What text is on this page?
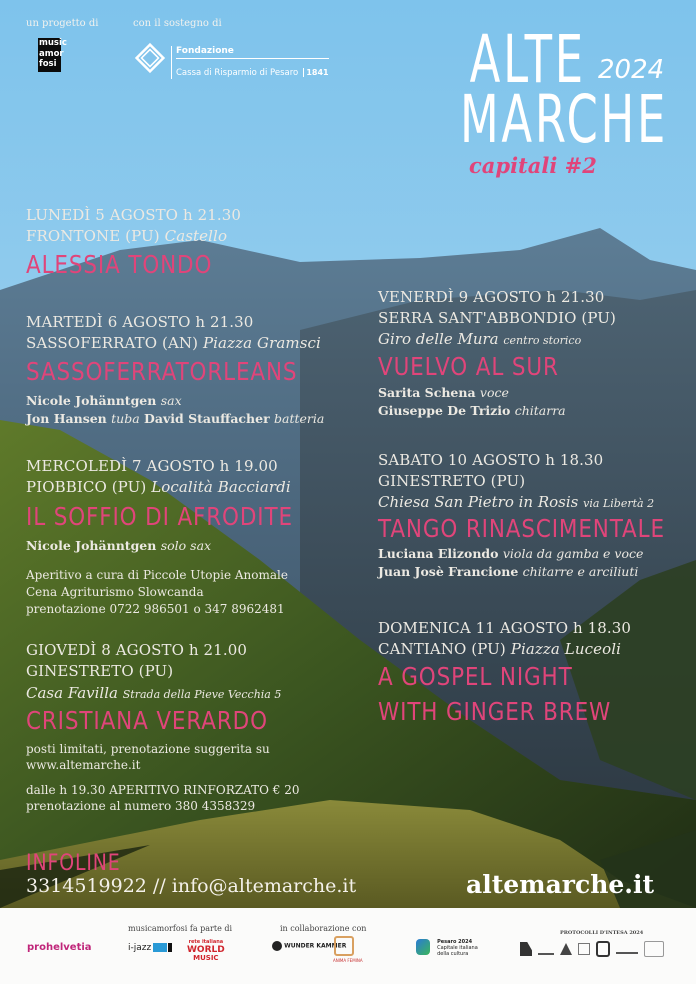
un progetto di
music
amor
fosi
con il sostegno di
Fondazione
Cassa di Risparmio di Pesaro 1841 ALTE 2024
MARCHE
capitali #2
LUNEDÌ 5 AGOSTO h 21.30
FRONTONE (PU) Castello
ALESSIA TONDO
MARTEDÌ 6 AGOSTO h 21.30
SASSOFERRATO (AN) Piazza Gramsci
SASSOFERRATORLEANS
Nicole Johänntgen sax
Jon Hansen tuba David Stauffacher batteria
MERCOLEDÌ 7 AGOSTO h 19.00
PIOBBICO (PU) Località Bacciardi
IL SOFFIO DI AFRODITE
Nicole Johänntgen solo sax
Aperitivo a cura di Piccole Utopie Anomale
Cena Agriturismo Slowcanda
prenotazione 0722 986501 o 347 8962481
GIOVEDÌ 8 AGOSTO h 21.00
GINESTRETO (PU)
Casa Favilla Strada della Pieve Vecchia 5
CRISTIANA VERARDO
posti limitati, prenotazione suggerita su
www.altemarche.it
dalle h 19.30 APERITIVO RINFORZATO € 20
prenotazione al numero 380 4358329
VENERDÌ 9 AGOSTO h 21.30
SERRA SANT'ABBONDIO (PU)
Giro delle Mura centro storico
VUELVO AL SUR
Sarita Schena voce
Giuseppe De Trizio chitarra
SABATO 10 AGOSTO h 18.30
GINESTRETO (PU)
Chiesa San Pietro in Rosis via Libertà 2
TANGO RINASCIMENTALE
Luciana Elizondo viola da gamba e voce
Juan Josè Francione chitarre e arciliuti
DOMENICA 11 AGOSTO h 18.30
CANTIANO (PU) Piazza Luceoli
A GOSPEL NIGHT
WITH GINGER BREW
INFOLINE
3314519922 // info@altemarche.it	altemarche.it
prohelvetia
musicamorfosi fa parte di
i-jazz
rete italiana
WORLD
MUSIC
in collaborazione con
WUNDER KAMMER
ANIMA FEMINA
Pesaro 2024
Capitale italiana
della cultura
PROTOCOLLI D'INTESA 2024
